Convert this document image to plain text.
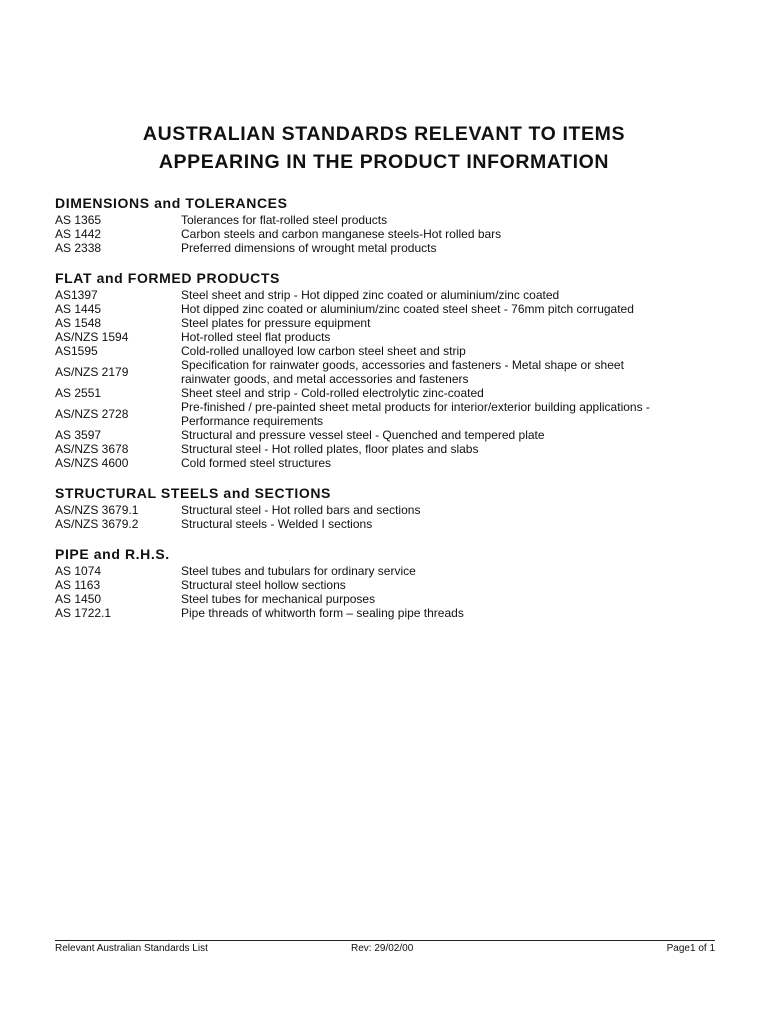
AUSTRALIAN STANDARDS RELEVANT TO ITEMS
APPEARING IN THE PRODUCT INFORMATION
DIMENSIONS and TOLERANCES
AS 1365	Tolerances for flat-rolled steel products
AS 1442	Carbon steels and carbon manganese steels-Hot rolled bars
AS 2338	Preferred dimensions of wrought metal products
FLAT and FORMED PRODUCTS
AS1397	Steel sheet and strip - Hot dipped zinc coated or aluminium/zinc coated
AS 1445	Hot dipped zinc coated or aluminium/zinc coated steel sheet - 76mm pitch corrugated
AS 1548	Steel plates for pressure equipment
AS/NZS 1594	Hot-rolled steel flat products
AS1595	Cold-rolled unalloyed low carbon steel sheet and strip
AS/NZS 2179	Specification for rainwater goods, accessories and fasteners - Metal shape or sheet
rainwater goods, and metal accessories and fasteners
AS 2551	Sheet steel and strip - Cold-rolled electrolytic zinc-coated
AS/NZS 2728	Pre-finished / pre-painted sheet metal products for interior/exterior building applications -
Performance requirements
AS 3597	Structural and pressure vessel steel - Quenched and tempered plate
AS/NZS 3678	Structural steel - Hot rolled plates, floor plates and slabs
AS/NZS 4600	Cold formed steel structures
STRUCTURAL STEELS and SECTIONS
AS/NZS 3679.1	Structural steel - Hot rolled bars and sections
AS/NZS 3679.2	Structural steels - Welded I sections
PIPE and R.H.S.
AS 1074	Steel tubes and tubulars for ordinary service
AS 1163	Structural steel hollow sections
AS 1450	Steel tubes for mechanical purposes
AS 1722.1	Pipe threads of whitworth form – sealing pipe threads
Relevant Australian Standards List	Rev: 29/02/00	Page1 of 1
